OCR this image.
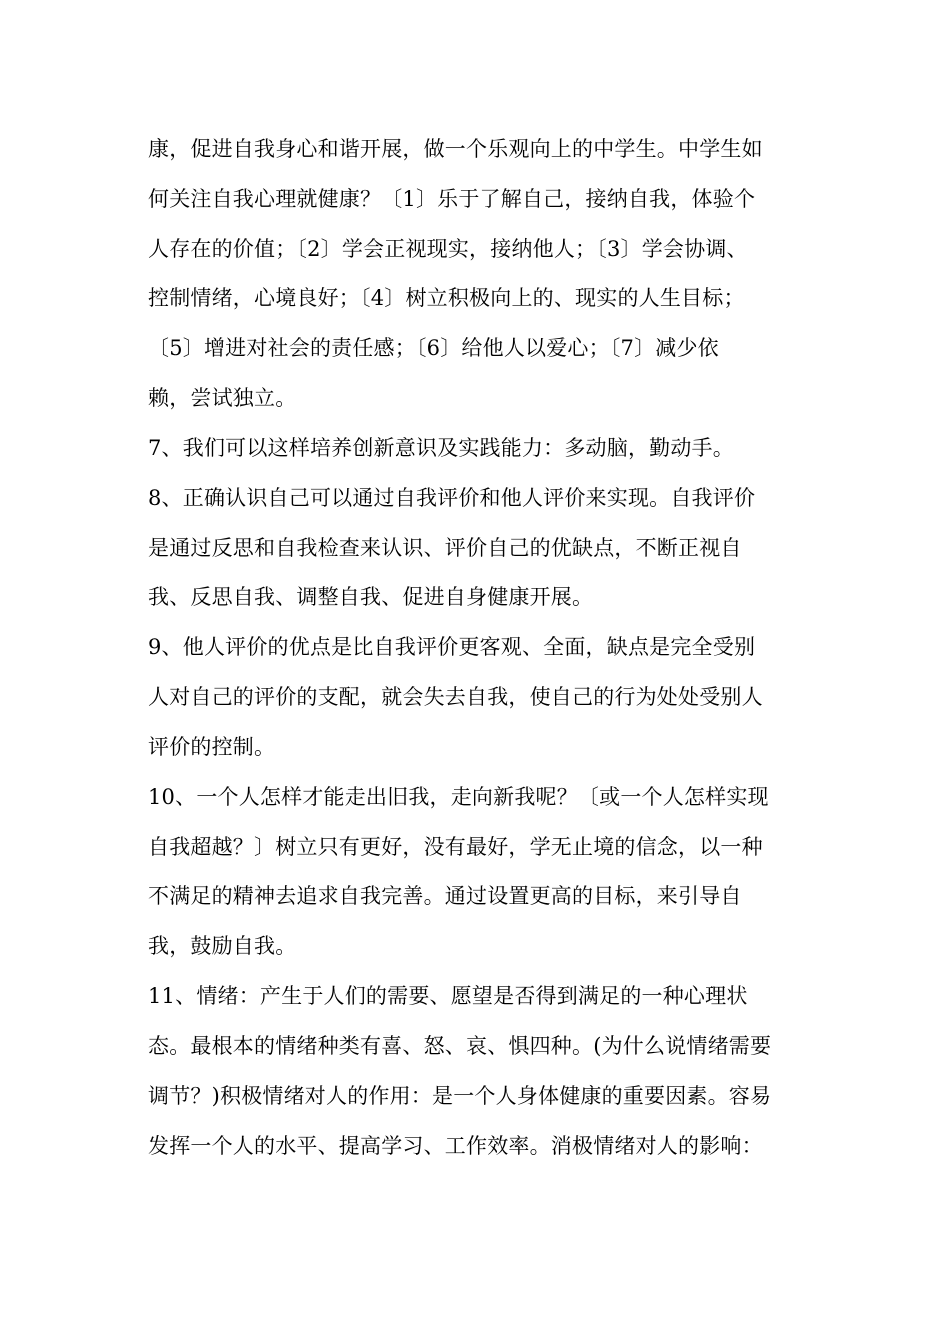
康，促进自我身心和谐开展，做一个乐观向上的中学生。中学生如
何关注自我心理就健康？〔1〕乐于了解自己，接纳自我，体验个
人存在的价值；〔2〕学会正视现实，接纳他人；〔3〕学会协调、
控制情绪，心境良好；〔4〕树立积极向上的、现实的人生目标；
〔5〕增进对社会的责任感；〔6〕给他人以爱心；〔7〕减少依
赖，尝试独立。
7、我们可以这样培养创新意识及实践能力：多动脑，勤动手。
8、正确认识自己可以通过自我评价和他人评价来实现。自我评价
是通过反思和自我检查来认识、评价自己的优缺点，不断正视自
我、反思自我、调整自我、促进自身健康开展。
9、他人评价的优点是比自我评价更客观、全面，缺点是完全受别
人对自己的评价的支配，就会失去自我，使自己的行为处处受别人
评价的控制。
10、一个人怎样才能走出旧我，走向新我呢？〔或一个人怎样实现
自我超越？〕树立只有更好，没有最好，学无止境的信念，以一种
不满足的精神去追求自我完善。通过设置更高的目标，来引导自
我，鼓励自我。
11、情绪：产生于人们的需要、愿望是否得到满足的一种心理状
态。最根本的情绪种类有喜、怒、哀、惧四种。(为什么说情绪需要
调节？)积极情绪对人的作用：是一个人身体健康的重要因素。容易
发挥一个人的水平、提高学习、工作效率。消极情绪对人的影响：
